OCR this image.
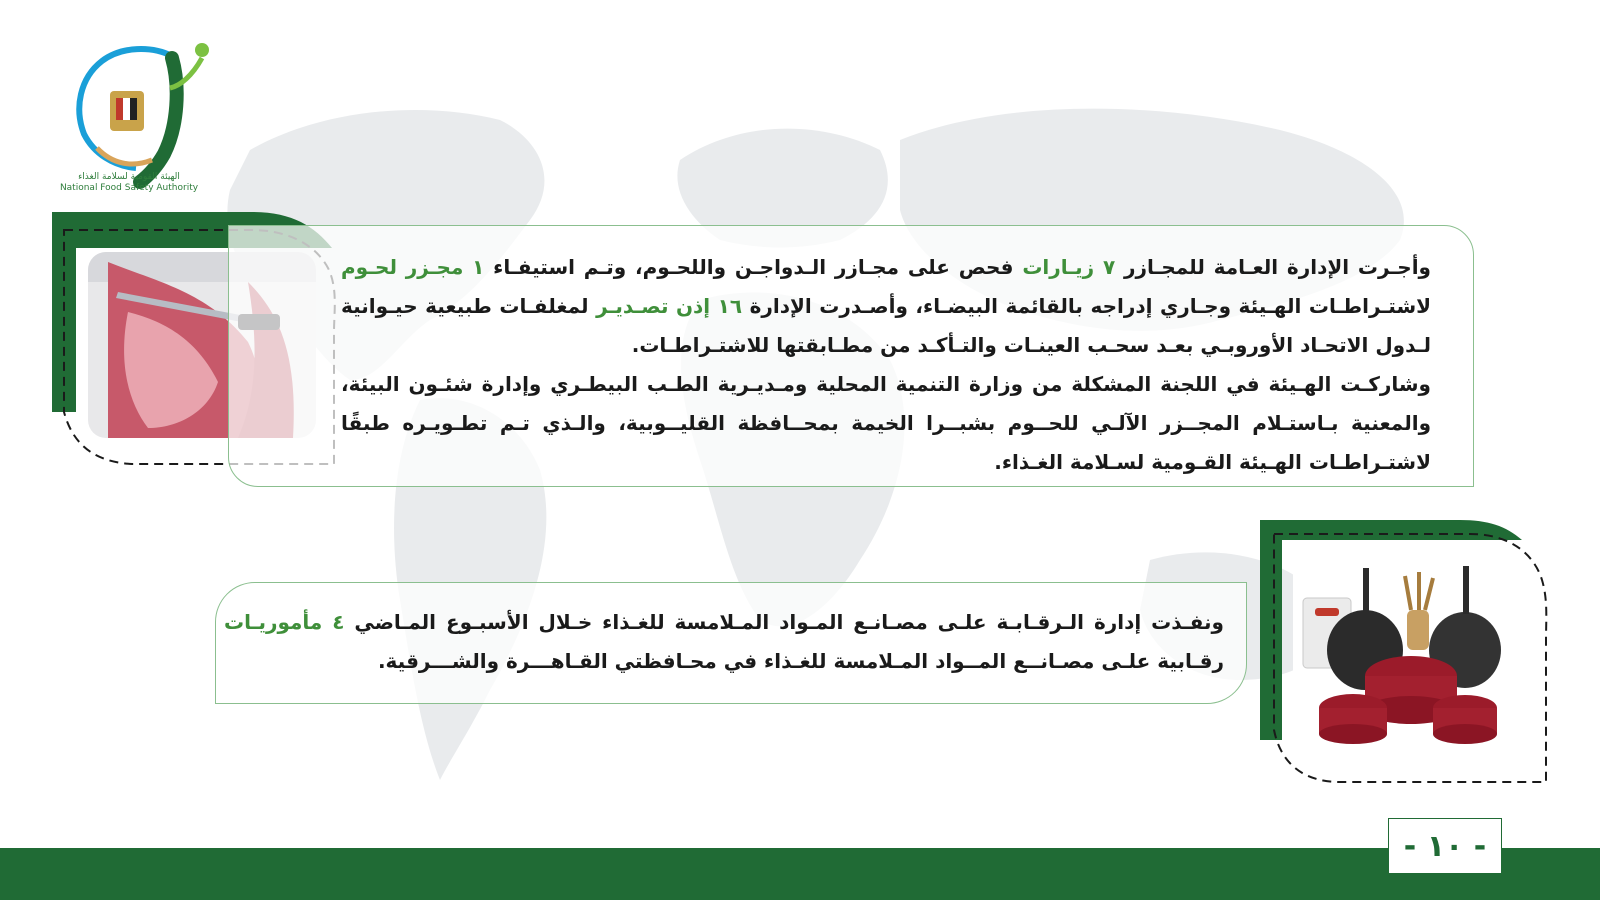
الهيئة القومية لسلامة الغذاء
National Food Safety Authority
وأجـرت الإدارة العـامة للمجـازر ٧ زيـارات فحص على مجـازر الـدواجـن واللحـوم، وتـم استيفـاء ١ مجـزر لحـوم لاشتـراطـات الهـيئة وجـاري إدراجه بالقائمة البيضـاء، وأصـدرت الإدارة ١٦ إذن تصـديـر لمغلفـات طبيعية حيـوانية لـدول الاتحـاد الأوروبـي بعـد سحـب العينـات والتـأكـد من مطـابقتها للاشتـراطـات.
وشاركـت الهـيئة في اللجنة المشكلة من وزارة التنمية المحلية ومـديـرية الطـب البيطـري وإدارة شئـون البيئة، والمعنية بـاستـلام المجــزر الآلـي للحــوم بشبــرا الخيمة بمحــافظة القليــوبية، والـذي تـم تطـويـره طبقًا لاشتـراطـات الهـيئة القـومية لسـلامة الغـذاء.
ونفـذت إدارة الـرقـابـة علـى مصـانـع المـواد المـلامسة للغـذاء خـلال الأسبـوع المـاضي ٤ مأموريـات رقـابية علـى مصـانــع المــواد المـلامسة للغـذاء في محـافظتي القـاهـــرة والشـــرقية.
- ١٠ -
